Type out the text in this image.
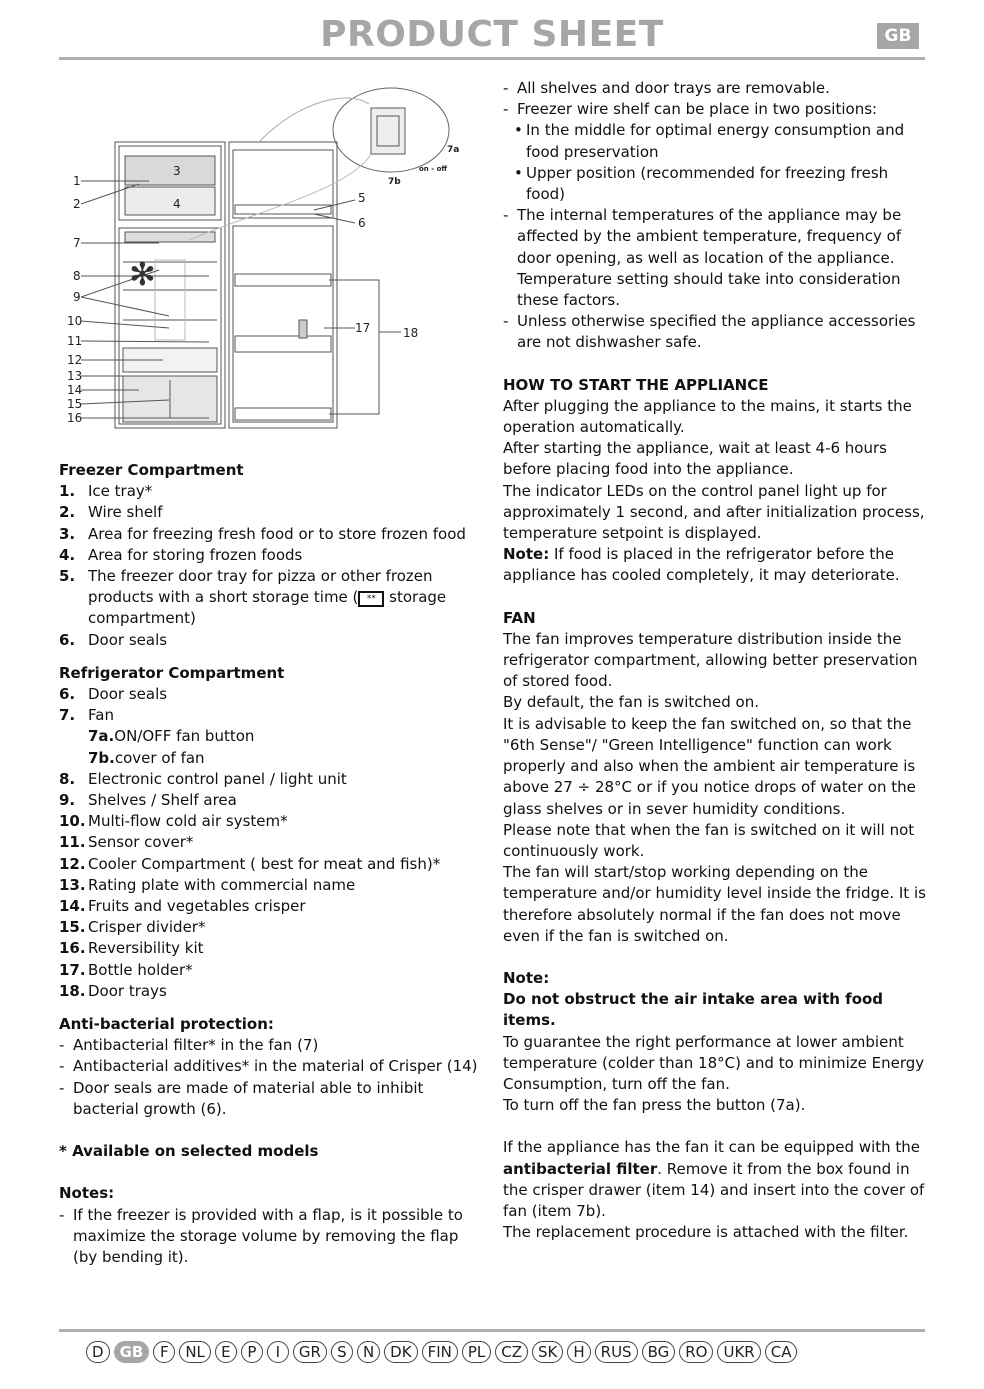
PRODUCT SHEET	GB
✻
1
2
7
8
9
10
11
12
13
14
15
16
5
6
17	18
3
4
7a
7b
on - off

Freezer Compartment

1. Ice tray*
2. Wire shelf
3. Area for freezing fresh food or to store frozen food
4. Area for storing frozen foods
5. The freezer door tray for pizza or other frozen products with a short storage time ( ** storage compartment)
6. Door seals

Refrigerator Compartment

6. Door seals
7. Fan
7a. ON/OFF fan button
7b. cover of fan
8. Electronic control panel / light unit
9. Shelves / Shelf area
10. Multi-flow cold air system*
11. Sensor cover*
12. Cooler Compartment ( best for meat and fish)*
13. Rating plate with commercial name
14. Fruits and vegetables crisper
15. Crisper divider*
16. Reversibility kit
17. Bottle holder*
18. Door trays

Anti-bacterial protection:

- Antibacterial filter* in the fan (7)
- Antibacterial additives* in the material of Crisper (14)
- Door seals are made of material able to inhibit bacterial growth (6).

* Available on selected models

Notes:

- If the freezer is provided with a flap, is it possible to maximize the storage volume by removing the flap (by bending it).
- All shelves and door trays are removable.
- Freezer wire shelf can be place in two positions:
• In the middle for optimal energy consumption and food preservation
• Upper position (recommended for freezing fresh food)
- The internal temperatures of the appliance may be affected by the ambient temperature, frequency of door opening, as well as location of the appliance. Temperature setting should take into consideration these factors.
- Unless otherwise specified the appliance accessories are not dishwasher safe.

HOW TO START THE APPLIANCE

After plugging the appliance to the mains, it starts the operation automatically.

After starting the appliance, wait at least 4-6 hours before placing food into the appliance.

The indicator LEDs on the control panel light up for approximately 1 second, and after initialization process, temperature setpoint is displayed.

Note: If food is placed in the refrigerator before the appliance has cooled completely, it may deteriorate.

FAN

The fan improves temperature distribution inside the refrigerator compartment, allowing better preservation of stored food.

By default, the fan is switched on.

It is advisable to keep the fan switched on, so that the "6th Sense"/ "Green Intelligence" function can work properly and also when the ambient air temperature is above 27 ÷ 28°C or if you notice drops of water on the glass shelves or in sever humidity conditions.

Please note that when the fan is switched on it will not continuously work.

The fan will start/stop working depending on the temperature and/or humidity level inside the fridge. It is therefore absolutely normal if the fan does not move even if the fan is switched on.

Note:

Do not obstruct the air intake area with food items.

To guarantee the right performance at lower ambient temperature (colder than 18°C) and to minimize Energy Consumption, turn off the fan.

To turn off the fan press the button (7a).

If the appliance has the fan it can be equipped with the antibacterial filter. Remove it from the box found in the crisper drawer (item 14) and insert into the cover of fan (item 7b).

The replacement procedure is attached with the filter.

D	GB	F	NL	E	P	I	GR	S	N	DK	FIN	PL	CZ	SK	H	RUS	BG	RO	UKR	CA
